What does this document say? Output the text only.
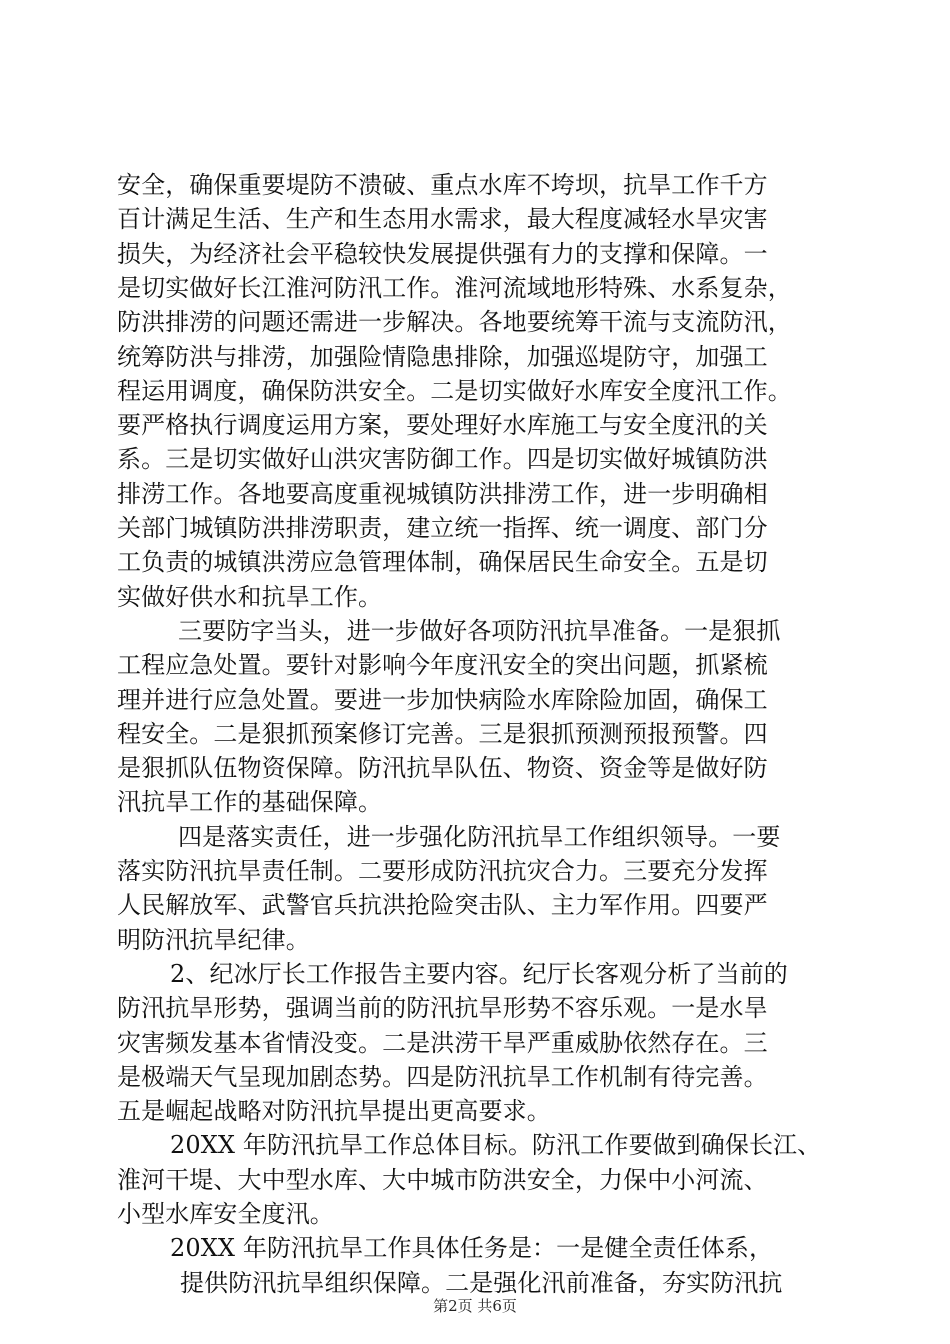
安全，确保重要堤防不溃破、重点水库不垮坝，抗旱工作千方
百计满足生活、生产和生态用水需求，最大程度减轻水旱灾害
损失，为经济社会平稳较快发展提供强有力的支撑和保障。一
是切实做好长江淮河防汛工作。淮河流域地形特殊、水系复杂，
防洪排涝的问题还需进一步解决。各地要统筹干流与支流防汛，
统筹防洪与排涝，加强险情隐患排除，加强巡堤防守，加强工
程运用调度，确保防洪安全。二是切实做好水库安全度汛工作。
要严格执行调度运用方案，要处理好水库施工与安全度汛的关
系。三是切实做好山洪灾害防御工作。四是切实做好城镇防洪
排涝工作。各地要高度重视城镇防洪排涝工作，进一步明确相
关部门城镇防洪排涝职责，建立统一指挥、统一调度、部门分
工负责的城镇洪涝应急管理体制，确保居民生命安全。五是切
实做好供水和抗旱工作。
三要防字当头，进一步做好各项防汛抗旱准备。一是狠抓
工程应急处置。要针对影响今年度汛安全的突出问题，抓紧梳
理并进行应急处置。要进一步加快病险水库除险加固，确保工
程安全。二是狠抓预案修订完善。三是狠抓预测预报预警。四
是狠抓队伍物资保障。防汛抗旱队伍、物资、资金等是做好防
汛抗旱工作的基础保障。
四是落实责任，进一步强化防汛抗旱工作组织领导。一要
落实防汛抗旱责任制。二要形成防汛抗灾合力。三要充分发挥
人民解放军、武警官兵抗洪抢险突击队、主力军作用。四要严
明防汛抗旱纪律。
2、纪冰厅长工作报告主要内容。纪厅长客观分析了当前的
防汛抗旱形势，强调当前的防汛抗旱形势不容乐观。一是水旱
灾害频发基本省情没变。二是洪涝干旱严重威胁依然存在。三
是极端天气呈现加剧态势。四是防汛抗旱工作机制有待完善。
五是崛起战略对防汛抗旱提出更高要求。
20XX 年防汛抗旱工作总体目标。防汛工作要做到确保长江、
淮河干堤、大中型水库、大中城市防洪安全，力保中小河流、
小型水库安全度汛。
20XX 年防汛抗旱工作具体任务是：一是健全责任体系，
提供防汛抗旱组织保障。二是强化汛前准备，夯实防汛抗
第2页 共6页
